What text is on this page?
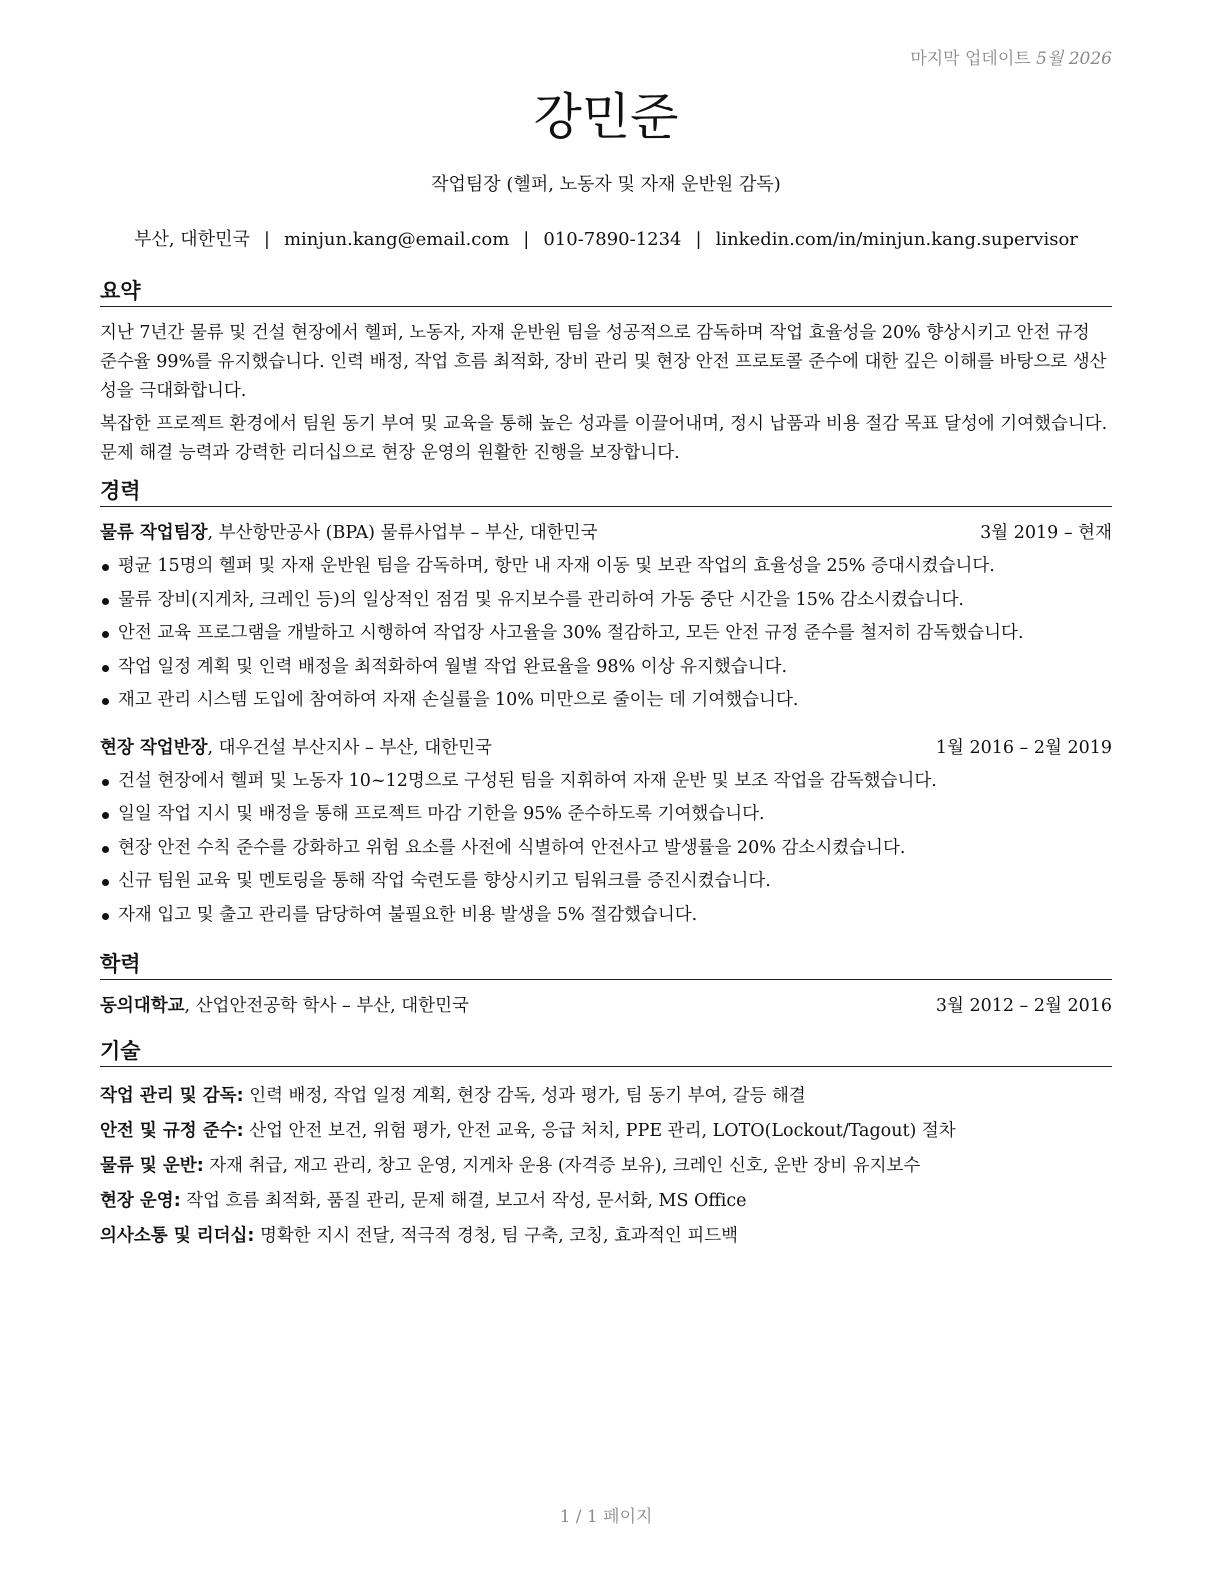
마지막 업데이트 5월 2026
강민준
작업팀장 (헬퍼, 노동자 및 자재 운반원 감독)
부산, 대한민국 | minjun.kang@email.com | 010-7890-1234 | linkedin.com/in/minjun.kang.supervisor
요약

지난 7년간 물류 및 건설 현장에서 헬퍼, 노동자, 자재 운반원 팀을 성공적으로 감독하며 작업 효율성을 20% 향상시키고 안전 규정 준수율 99%를 유지했습니다. 인력 배정, 작업 흐름 최적화, 장비 관리 및 현장 안전 프로토콜 준수에 대한 깊은 이해를 바탕으로 생산성을 극대화합니다.

복잡한 프로젝트 환경에서 팀원 동기 부여 및 교육을 통해 높은 성과를 이끌어내며, 정시 납품과 비용 절감 목표 달성에 기여했습니다. 문제 해결 능력과 강력한 리더십으로 현장 운영의 원활한 진행을 보장합니다.

경력
물류 작업팀장, 부산항만공사 (BPA) 물류사업부 – 부산, 대한민국	3월 2019 – 현재
평균 15명의 헬퍼 및 자재 운반원 팀을 감독하며, 항만 내 자재 이동 및 보관 작업의 효율성을 25% 증대시켰습니다.
물류 장비(지게차, 크레인 등)의 일상적인 점검 및 유지보수를 관리하여 가동 중단 시간을 15% 감소시켰습니다.
안전 교육 프로그램을 개발하고 시행하여 작업장 사고율을 30% 절감하고, 모든 안전 규정 준수를 철저히 감독했습니다.
작업 일정 계획 및 인력 배정을 최적화하여 월별 작업 완료율을 98% 이상 유지했습니다.
재고 관리 시스템 도입에 참여하여 자재 손실률을 10% 미만으로 줄이는 데 기여했습니다.
현장 작업반장, 대우건설 부산지사 – 부산, 대한민국	1월 2016 – 2월 2019
건설 현장에서 헬퍼 및 노동자 10~12명으로 구성된 팀을 지휘하여 자재 운반 및 보조 작업을 감독했습니다.
일일 작업 지시 및 배정을 통해 프로젝트 마감 기한을 95% 준수하도록 기여했습니다.
현장 안전 수칙 준수를 강화하고 위험 요소를 사전에 식별하여 안전사고 발생률을 20% 감소시켰습니다.
신규 팀원 교육 및 멘토링을 통해 작업 숙련도를 향상시키고 팀워크를 증진시켰습니다.
자재 입고 및 출고 관리를 담당하여 불필요한 비용 발생을 5% 절감했습니다.
학력
동의대학교, 산업안전공학 학사 – 부산, 대한민국	3월 2012 – 2월 2016
기술
작업 관리 및 감독: 인력 배정, 작업 일정 계획, 현장 감독, 성과 평가, 팀 동기 부여, 갈등 해결
안전 및 규정 준수: 산업 안전 보건, 위험 평가, 안전 교육, 응급 처치, PPE 관리, LOTO(Lockout/Tagout) 절차
물류 및 운반: 자재 취급, 재고 관리, 창고 운영, 지게차 운용 (자격증 보유), 크레인 신호, 운반 장비 유지보수
현장 운영: 작업 흐름 최적화, 품질 관리, 문제 해결, 보고서 작성, 문서화, MS Office
의사소통 및 리더십: 명확한 지시 전달, 적극적 경청, 팀 구축, 코칭, 효과적인 피드백
1 / 1 페이지
